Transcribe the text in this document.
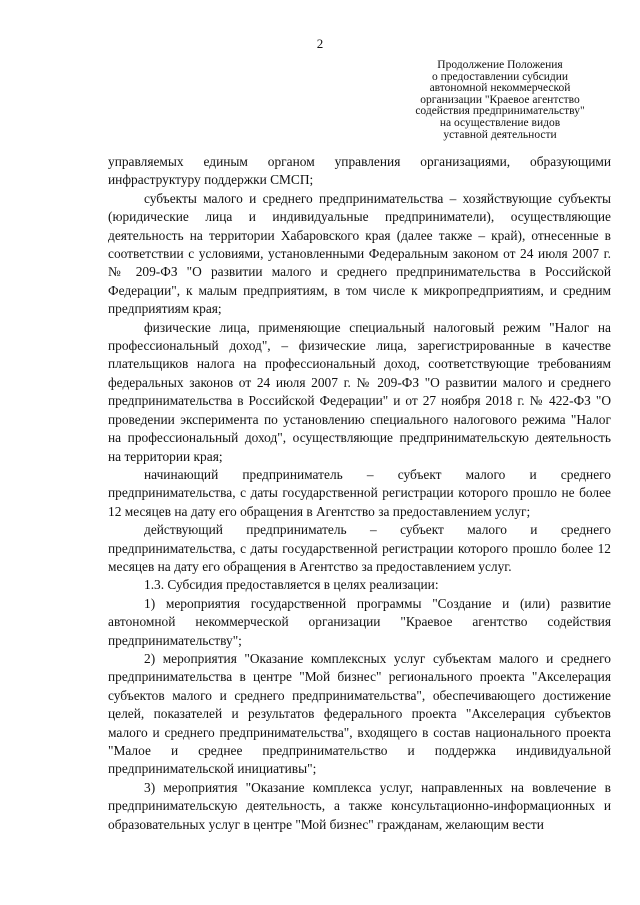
2
Продолжение Положения
о предоставлении субсидии
автономной некоммерческой
организации "Краевое агентство
содействия предпринимательству"
на осуществление видов
уставной деятельности

управляемых единым органом управления организациями, образующими инфраструктуру поддержки СМСП;

субъекты малого и среднего предпринимательства – хозяйствующие субъекты (юридические лица и индивидуальные предприниматели), осуществляющие деятельность на территории Хабаровского края (далее также – край), отнесенные в соответствии с условиями, установленными Федеральным законом от 24 июля 2007 г. № 209-ФЗ "О развитии малого и среднего предпринимательства в Российской Федерации", к малым предприятиям, в том числе к микропредприятиям, и средним предприятиям края;

физические лица, применяющие специальный налоговый режим "Налог на профессиональный доход", – физические лица, зарегистрированные в качестве плательщиков налога на профессиональный доход, соответствующие требованиям федеральных законов от 24 июля 2007 г. № 209-ФЗ "О развитии малого и среднего предпринимательства в Российской Федерации" и от 27 ноября 2018 г. № 422-ФЗ "О проведении эксперимента по установлению специального налогового режима "Налог на профессиональный доход", осуществляющие предпринимательскую деятельность на территории края;

начинающий предприниматель – субъект малого и среднего предпринимательства, с даты государственной регистрации которого прошло не более 12 месяцев на дату его обращения в Агентство за предоставлением услуг;

действующий предприниматель – субъект малого и среднего предпринимательства, с даты государственной регистрации которого прошло более 12 месяцев на дату его обращения в Агентство за предоставлением услуг.

1.3. Субсидия предоставляется в целях реализации:

1) мероприятия государственной программы "Создание и (или) развитие автономной некоммерческой организации "Краевое агентство содействия предпринимательству";

2) мероприятия "Оказание комплексных услуг субъектам малого и среднего предпринимательства в центре "Мой бизнес" регионального проекта "Акселерация субъектов малого и среднего предпринимательства", обеспечивающего достижение целей, показателей и результатов федерального проекта "Акселерация субъектов малого и среднего предпринимательства", входящего в состав национального проекта "Малое и среднее предпринимательство и поддержка индивидуальной предпринимательской инициативы";

3) мероприятия "Оказание комплекса услуг, направленных на вовлечение в предпринимательскую деятельность, а также консультационно-информационных и образовательных услуг в центре "Мой бизнес" гражданам, желающим вести
